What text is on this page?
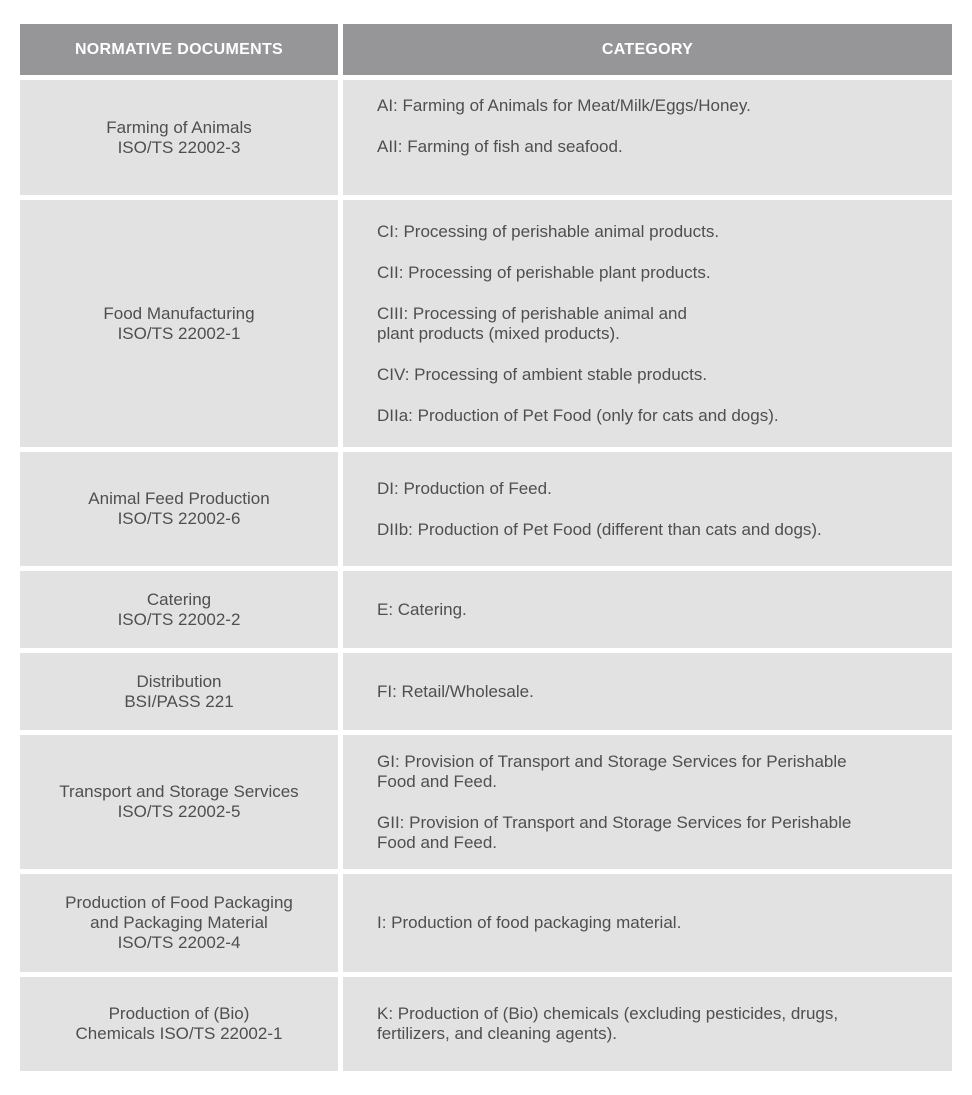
NORMATIVE DOCUMENTS	CATEGORY
Farming of Animals
ISO/TS 22002-3

AI: Farming of Animals for Meat/Milk/Eggs/Honey.

AII: Farming of fish and seafood.

Food Manufacturing
ISO/TS 22002-1

CI: Processing of perishable animal products.

CII: Processing of perishable plant products.

CIII: Processing of perishable animal and
plant products (mixed products).

CIV: Processing of ambient stable products.

DIIa: Production of Pet Food (only for cats and dogs).

Animal Feed Production
ISO/TS 22002-6

DI: Production of Feed.

DIIb: Production of Pet Food (different than cats and dogs).

Catering
ISO/TS 22002-2

E: Catering.

Distribution
BSI/PASS 221

FI: Retail/Wholesale.

Transport and Storage Services
ISO/TS 22002-5

GI: Provision of Transport and Storage Services for Perishable
Food and Feed.

GII: Provision of Transport and Storage Services for Perishable
Food and Feed.

Production of Food Packaging
and Packaging Material
ISO/TS 22002-4

I: Production of food packaging material.

Production of (Bio)
Chemicals ISO/TS 22002-1

K: Production of (Bio) chemicals (excluding pesticides, drugs,
fertilizers, and cleaning agents).
